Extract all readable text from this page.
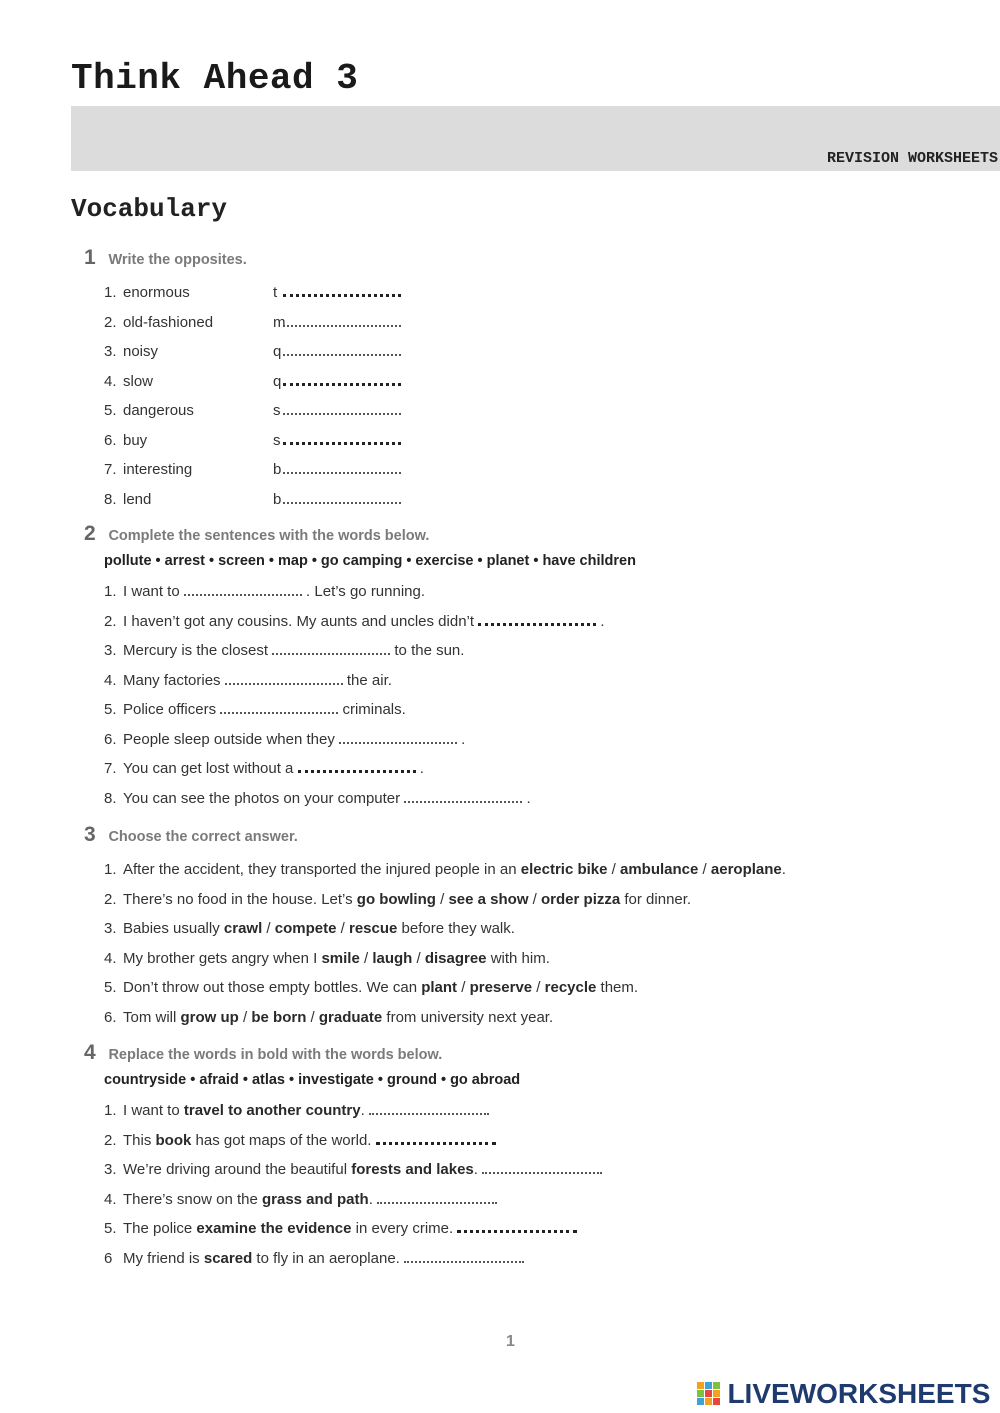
Think Ahead 3
REVISION WORKSHEETS
Vocabulary
1 Write the opposites.
1. enormous	t
2. old-fashioned	m
3. noisy	q
4. slow	q
5. dangerous	s
6. buy	s
7. interesting	b
8. lend	b
2 Complete the sentences with the words below.
pollute • arrest • screen • map • go camping • exercise • planet • have children
1. I want to	. Let’s go running.
2. I haven’t got any cousins. My aunts and uncles didn’t	.
3. Mercury is the closest	to the sun.
4. Many factories	the air.
5. Police officers	criminals.
6. People sleep outside when they	.
7. You can get lost without a	.
8. You can see the photos on your computer	.
3 Choose the correct answer.
1. After the accident, they transported the injured people in an electric bike / ambulance / aeroplane.
2. There’s no food in the house. Let’s go bowling / see a show / order pizza for dinner.
3. Babies usually crawl / compete / rescue before they walk.
4. My brother gets angry when I smile / laugh / disagree with him.
5. Don’t throw out those empty bottles. We can plant / preserve / recycle them.
6. Tom will grow up / be born / graduate from university next year.
4 Replace the words in bold with the words below.
countryside • afraid • atlas • investigate • ground • go abroad
1. I want to travel to another country.
2. This book has got maps of the world.
3. We’re driving around the beautiful forests and lakes.
4. There’s snow on the grass and path.
5. The police examine the evidence in every crime.
6 My friend is scared to fly in an aeroplane.
1
LIVEWORKSHEETS
